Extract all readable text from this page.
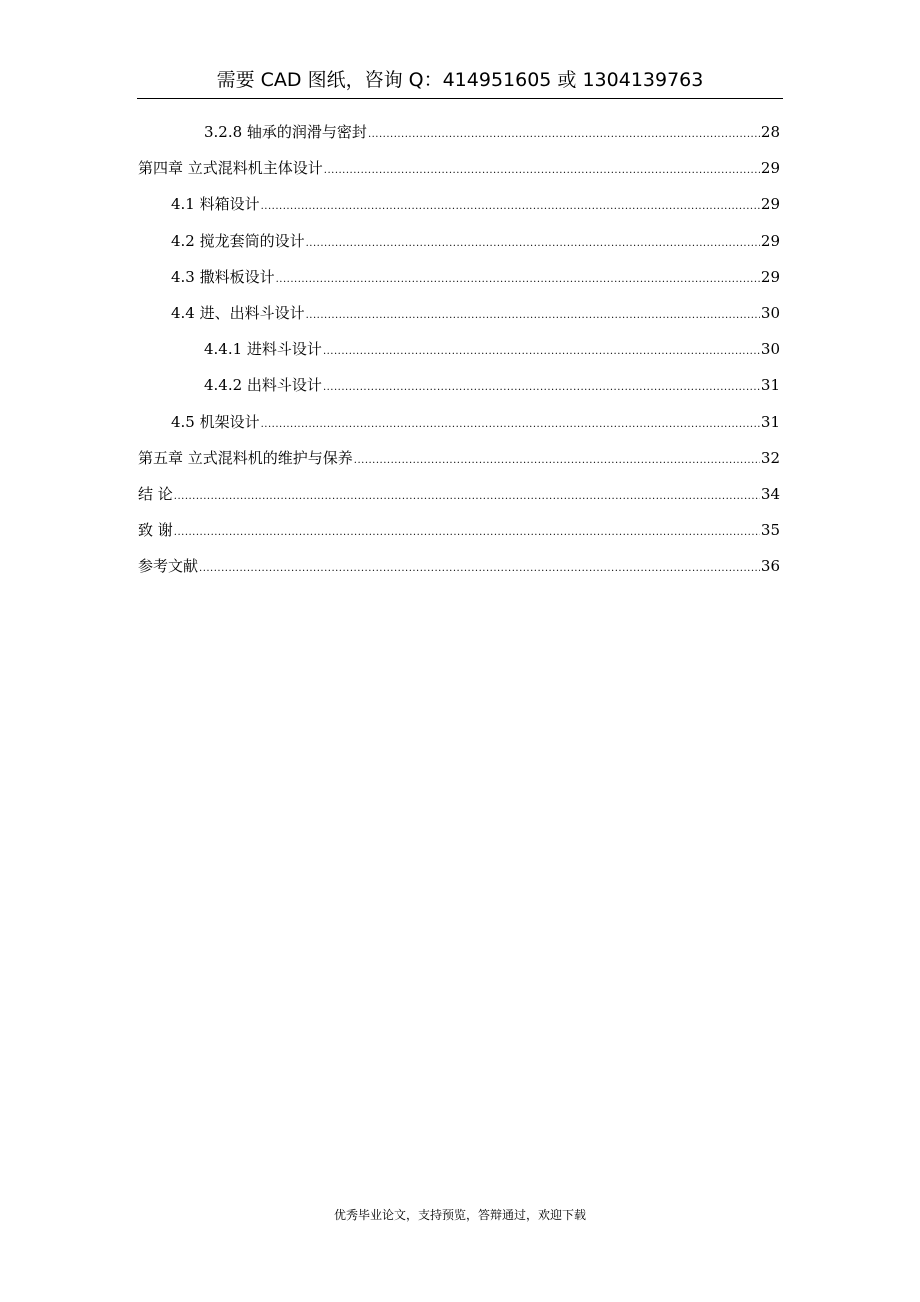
需要 CAD 图纸，咨询 Q：414951605 或 1304139763
3.2.8 轴承的润滑与密封 .....	28
第四章 立式混料机主体设计 .....	29
4.1 料箱设计 .....	29
4.2 搅龙套筒的设计 .....	29
4.3 撒料板设计 .....	29
4.4 进、出料斗设计 .....	30
4.4.1 进料斗设计 .....	30
4.4.2 出料斗设计 .....	31
4.5 机架设计 .....	31
第五章 立式混料机的维护与保养 .....	32
结 论 .....	34
致 谢 .....	35
参考文献 .....	36
优秀毕业论文，支持预览，答辩通过，欢迎下载
